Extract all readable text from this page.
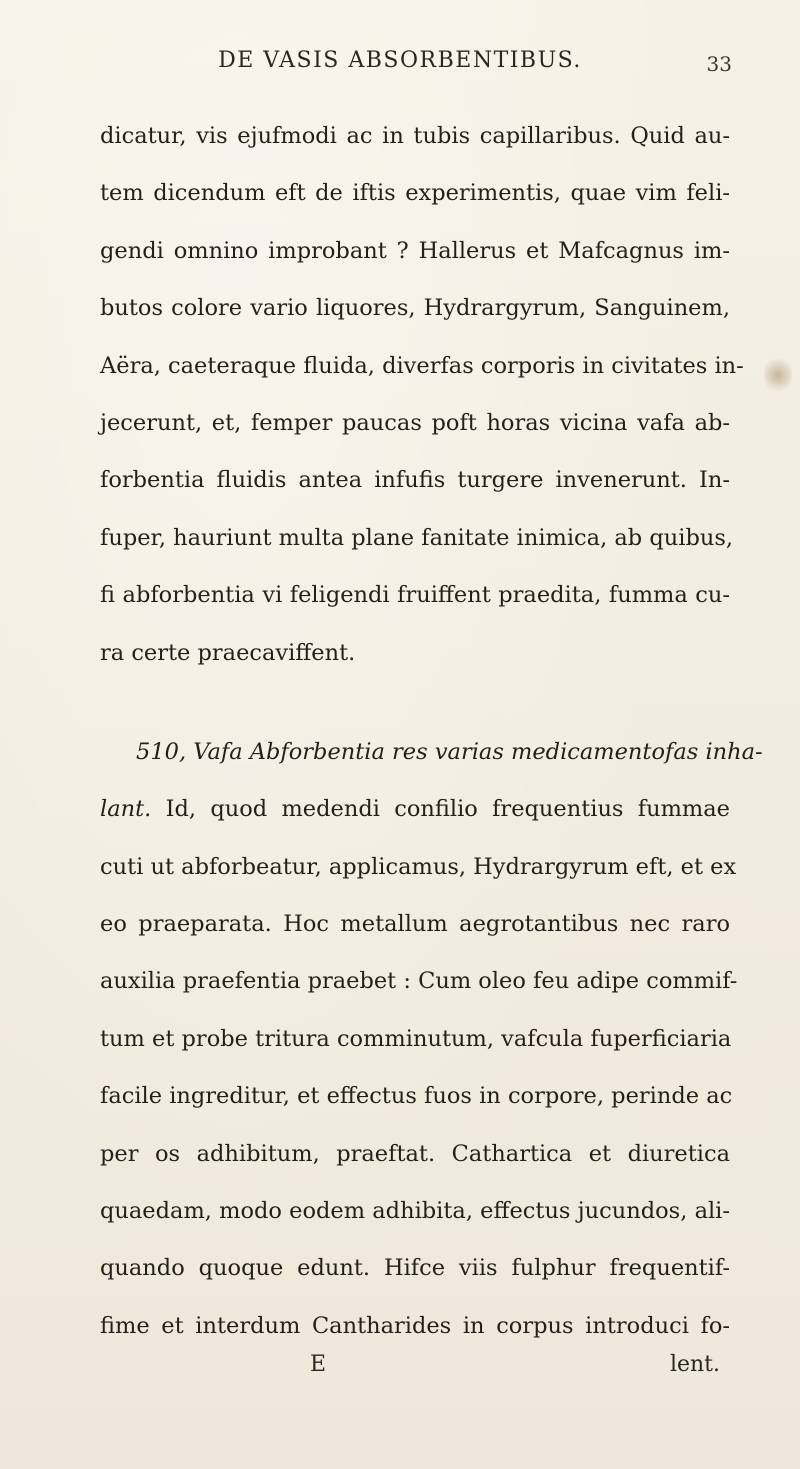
DE VASIS ABSORBENTIBUS.	33
dicatur, vis ejufmodi ac in tubis capillaribus. Quid au-
tem dicendum eft de iftis experimentis, quae vim feli-
gendi omnino improbant ? Hallerus et Mafcagnus im-
butos colore vario liquores, Hydrargyrum, Sanguinem,
Aëra, caeteraque fluida, diverfas corporis in civitates in-
jecerunt, et, femper paucas poft horas vicina vafa ab-
forbentia fluidis antea infufis turgere invenerunt. In-
fuper, hauriunt multa plane fanitate inimica, ab quibus,
fi abforbentia vi feligendi fruiffent praedita, fumma cu-
ra certe praecaviffent.
510, Vafa Abforbentia res varias medicamentofas inha-
lant. Id, quod medendi confilio frequentius fummae
cuti ut abforbeatur, applicamus, Hydrargyrum eft, et ex
eo praeparata. Hoc metallum aegrotantibus nec raro
auxilia praefentia praebet : Cum oleo feu adipe commif-
tum et probe tritura comminutum, vafcula fuperficiaria
facile ingreditur, et effectus fuos in corpore, perinde ac
per os adhibitum, praeftat. Cathartica et diuretica
quaedam, modo eodem adhibita, effectus jucundos, ali-
quando quoque edunt. Hifce viis fulphur frequentif-
fime et interdum Cantharides in corpus introduci fo-
E	lent.
